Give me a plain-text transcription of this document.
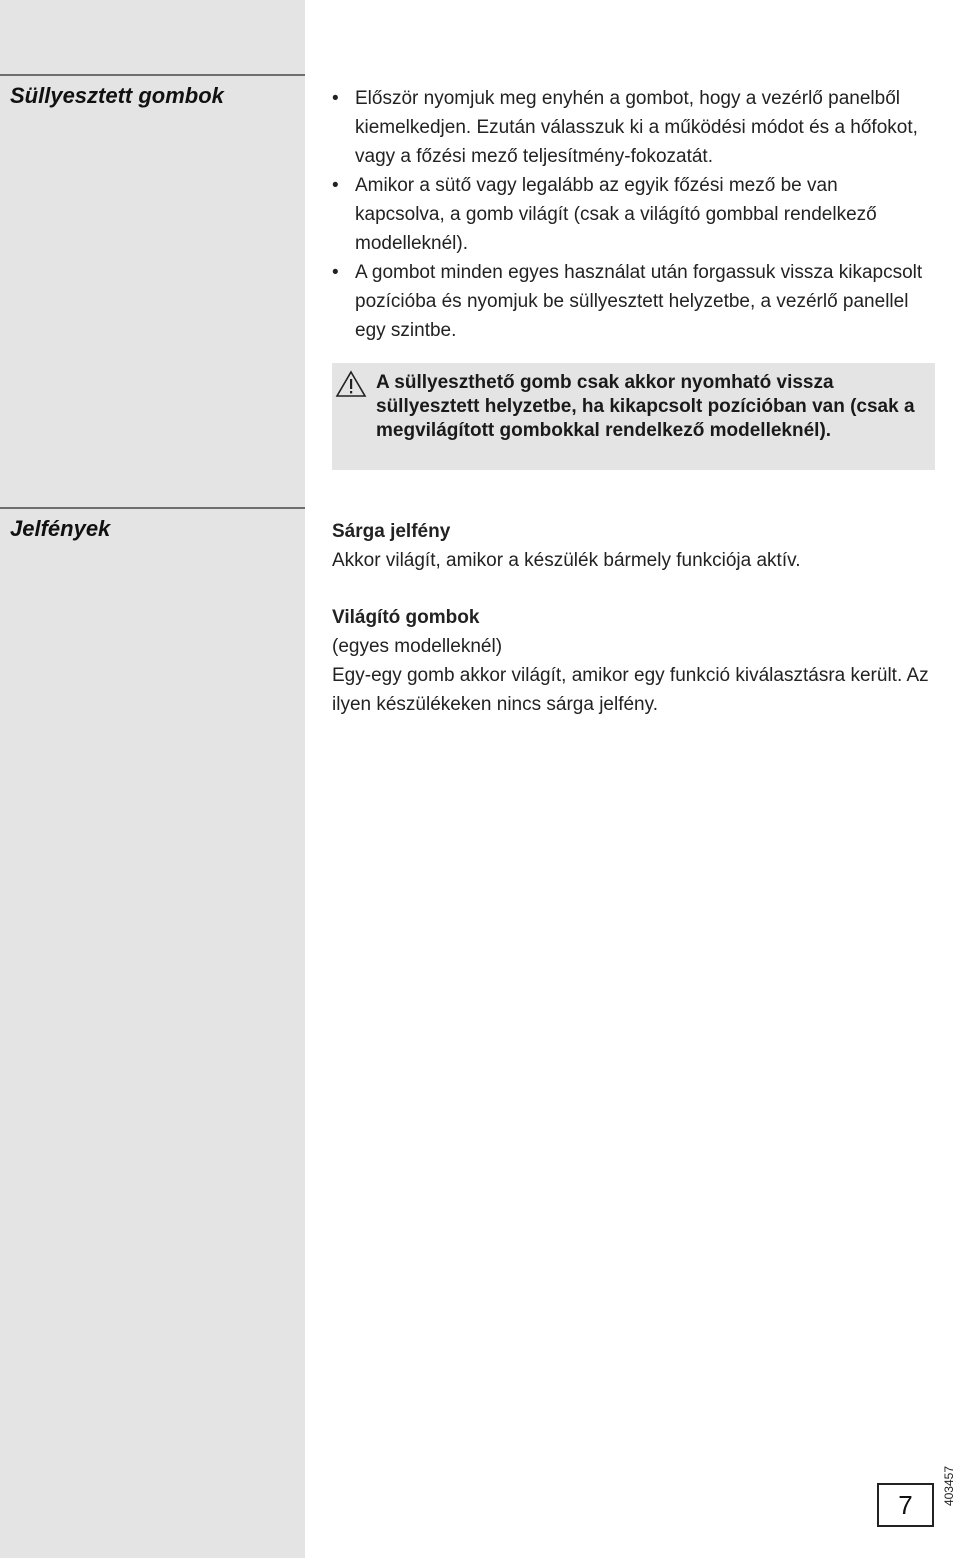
Süllyesztett gombok	• Először nyomjuk meg enyhén a gombot, hogy a vezérlő panelből kiemelkedjen. Ezután válasszuk ki a működési módot és a hőfokot, vagy a főzési mező teljesítmény-fokozatát.
• Amikor a sütő vagy legalább az egyik főzési mező be van kapcsolva, a gomb világít (csak a világító gombbal rendelkező modelleknél).
• A gombot minden egyes használat után forgassuk vissza kikapcsolt pozícióba és nyomjuk be süllyesztett helyzetbe, a vezérlő panellel egy szintbe.
A süllyeszthető gomb csak akkor nyomható vissza süllyesztett helyzetbe, ha kikapcsolt pozícióban van (csak a megvilágított gombokkal rendelkező modelleknél).
Jelfények	Sárga jelfény
Akkor világít, amikor a készülék bármely funkciója aktív.
Világító gombok
(egyes modelleknél)
Egy-egy gomb akkor világít, amikor egy funkció kiválasztásra került. Az ilyen készülékeken nincs sárga jelfény.
403457
7
